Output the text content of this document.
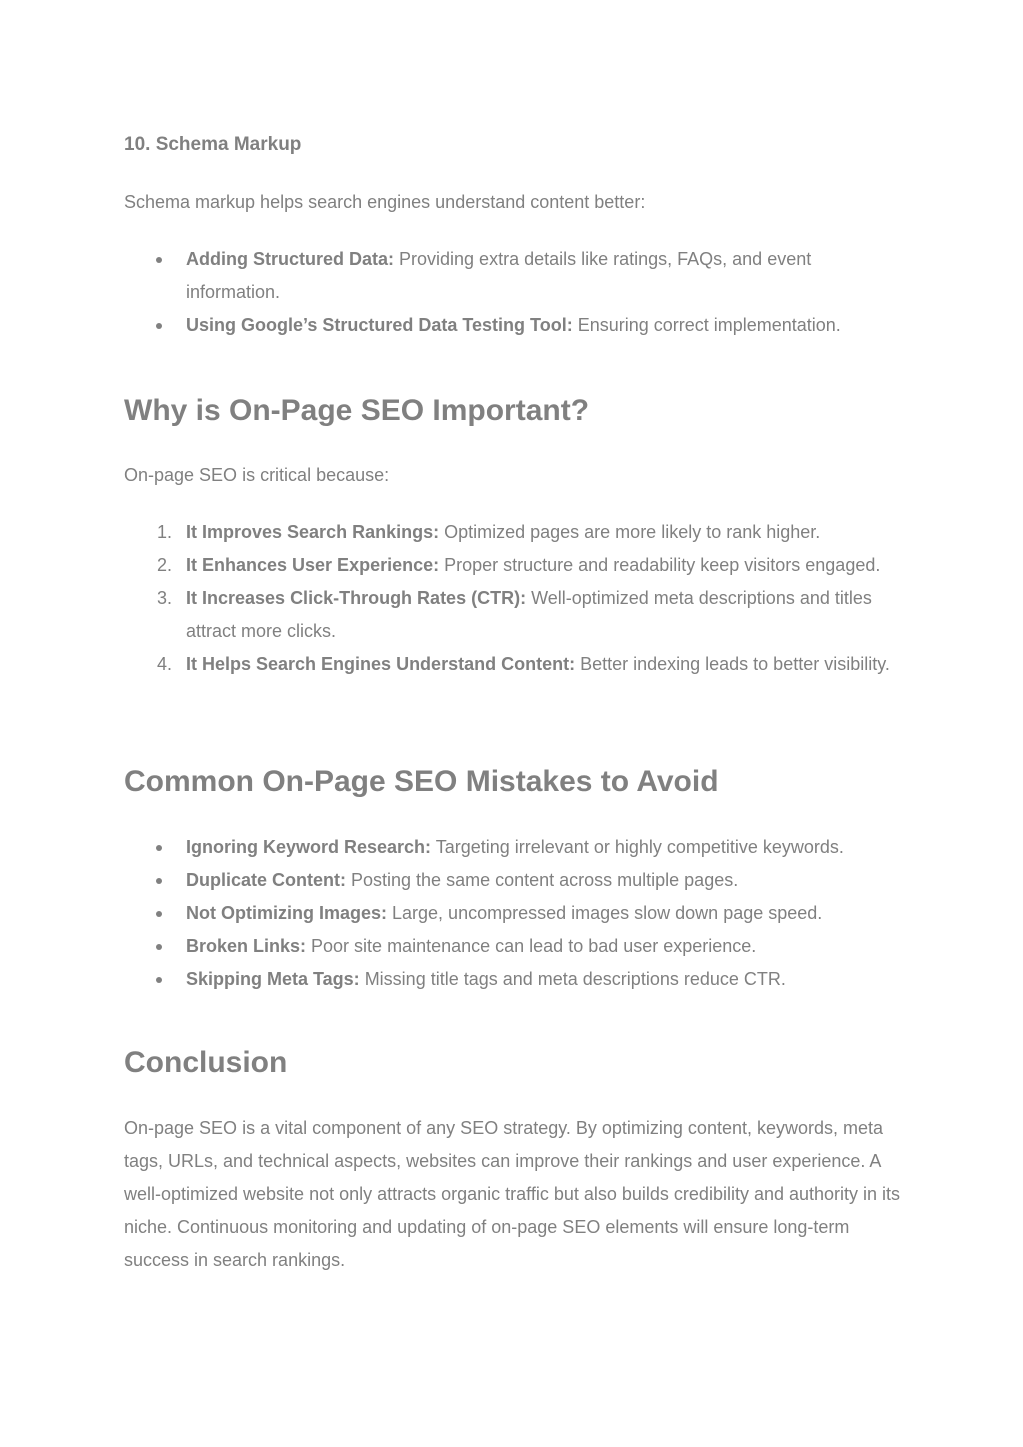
10. Schema Markup

Schema markup helps search engines understand content better:

Adding Structured Data: Providing extra details like ratings, FAQs, and event information.
Using Google’s Structured Data Testing Tool: Ensuring correct implementation.
Why is On-Page SEO Important?

On-page SEO is critical because:

1. It Improves Search Rankings: Optimized pages are more likely to rank higher.
2. It Enhances User Experience: Proper structure and readability keep visitors engaged.
3. It Increases Click-Through Rates (CTR): Well-optimized meta descriptions and titles attract more clicks.
4. It Helps Search Engines Understand Content: Better indexing leads to better visibility.
Common On-Page SEO Mistakes to Avoid
Ignoring Keyword Research: Targeting irrelevant or highly competitive keywords.
Duplicate Content: Posting the same content across multiple pages.
Not Optimizing Images: Large, uncompressed images slow down page speed.
Broken Links: Poor site maintenance can lead to bad user experience.
Skipping Meta Tags: Missing title tags and meta descriptions reduce CTR.
Conclusion

On-page SEO is a vital component of any SEO strategy. By optimizing content, keywords, meta tags, URLs, and technical aspects, websites can improve their rankings and user experience. A well-optimized website not only attracts organic traffic but also builds credibility and authority in its niche. Continuous monitoring and updating of on-page SEO elements will ensure long-term success in search rankings.
